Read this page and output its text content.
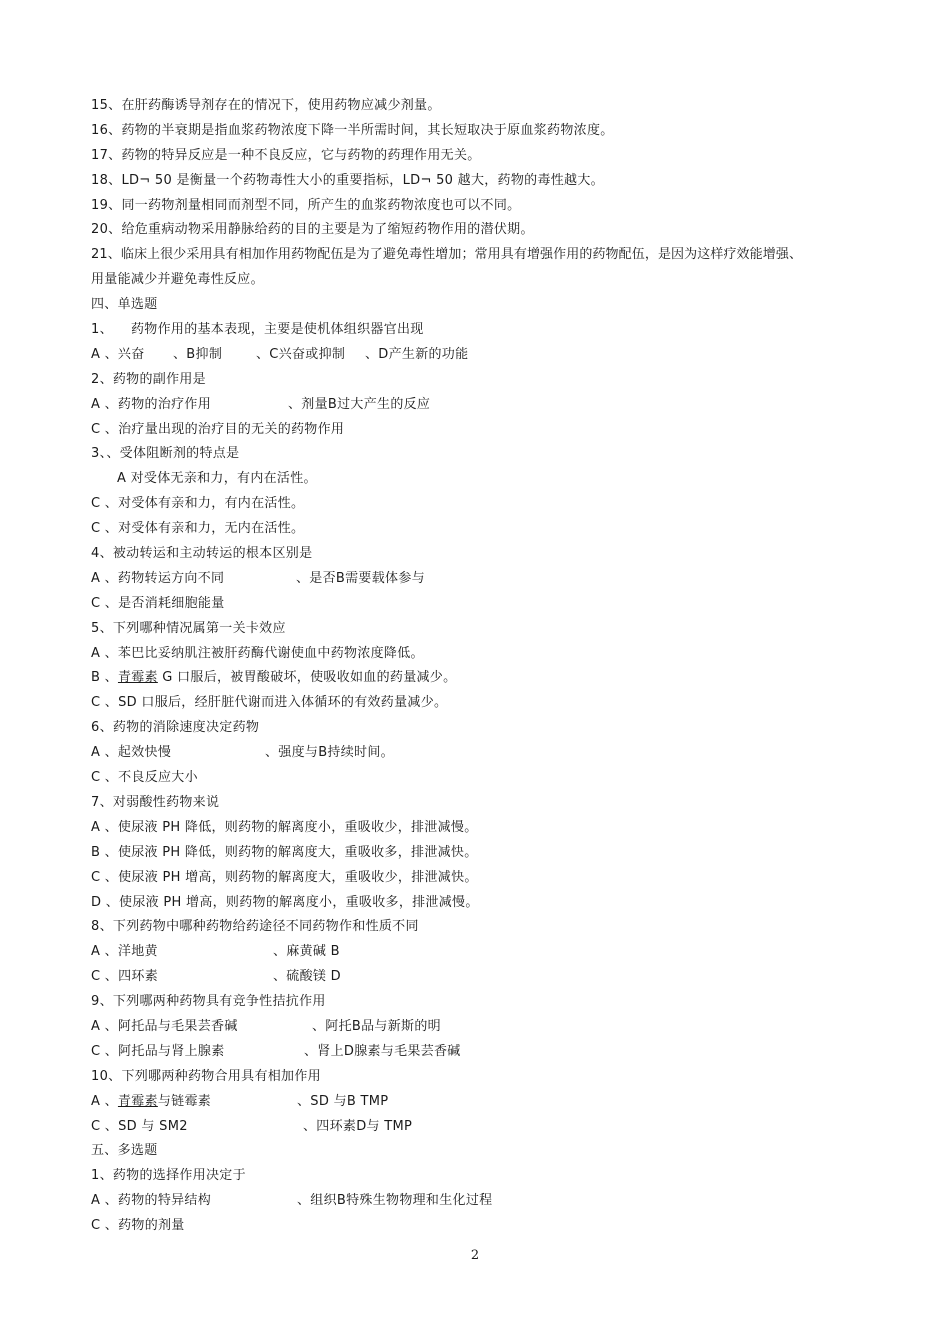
15、在肝药酶诱导剂存在的情况下，使用药物应减少剂量。
16、药物的半衰期是指血浆药物浓度下降一半所需时间，其长短取决于原血浆药物浓度。
17、药物的特异反应是一种不良反应，它与药物的药理作用无关。
18、LD¬ 50 是衡量一个药物毒性大小的重要指标，LD¬ 50 越大，药物的毒性越大。
19、同一药物剂量相同而剂型不同，所产生的血浆药物浓度也可以不同。
20、给危重病动物采用静脉给药的目的主要是为了缩短药物作用的潜伏期。
21、临床上很少采用具有相加作用药物配伍是为了避免毒性增加；常用具有增强作用的药物配伍，是因为这样疗效能增强、
用量能减少并避免毒性反应。
四、单选题
1、 药物作用的基本表现，主要是使机体组织器官出现
A 、兴奋 、B抑制	、C兴奋或抑制 、D产生新的功能
2、药物的副作用是
A 、药物的治疗作用	、剂量B过大产生的反应
C 、治疗量出现的治疗目的无关的药物作用
3、、受体阻断剂的特点是
A 对受体无亲和力，有内在活性。
C 、对受体有亲和力，有内在活性。
C 、对受体有亲和力，无内在活性。
4、被动转运和主动转运的根本区别是
A 、药物转运方向不同	、是否B需要载体参与
C 、是否消耗细胞能量
5、下列哪种情况属第一关卡效应
A 、苯巴比妥纳肌注被肝药酶代谢使血中药物浓度降低。
B 、青霉素 G 口服后，被胃酸破坏，使吸收如血的药量减少。
C 、SD 口服后，经肝脏代谢而进入体循环的有效药量减少。
6、药物的消除速度决定药物
A 、起效快慢	、强度与B持续时间。
C 、不良反应大小
7、对弱酸性药物来说
A 、使尿液 PH 降低，则药物的解离度小，重吸收少，排泄减慢。
B 、使尿液 PH 降低，则药物的解离度大，重吸收多，排泄减快。
C 、使尿液 PH 增高，则药物的解离度大，重吸收少，排泄减快。
D 、使尿液 PH 增高，则药物的解离度小，重吸收多，排泄减慢。
8、下列药物中哪种药物给药途径不同药物作和性质不同
A 、洋地黄	、麻黄碱 B
C 、四环素	、硫酸镁 D
9、下列哪两种药物具有竞争性拮抗作用
A 、阿托品与毛果芸香碱	、阿托B品与新斯的明
C 、阿托品与肾上腺素	、肾上D腺素与毛果芸香碱
10、下列哪两种药物合用具有相加作用
A 、青霉素与链霉素	、SD 与B TMP
C 、SD 与 SM2	、四环素D与 TMP
五、多选题
1、药物的选择作用决定于
A 、药物的特异结构	、组织B特殊生物物理和生化过程
C 、药物的剂量
2
